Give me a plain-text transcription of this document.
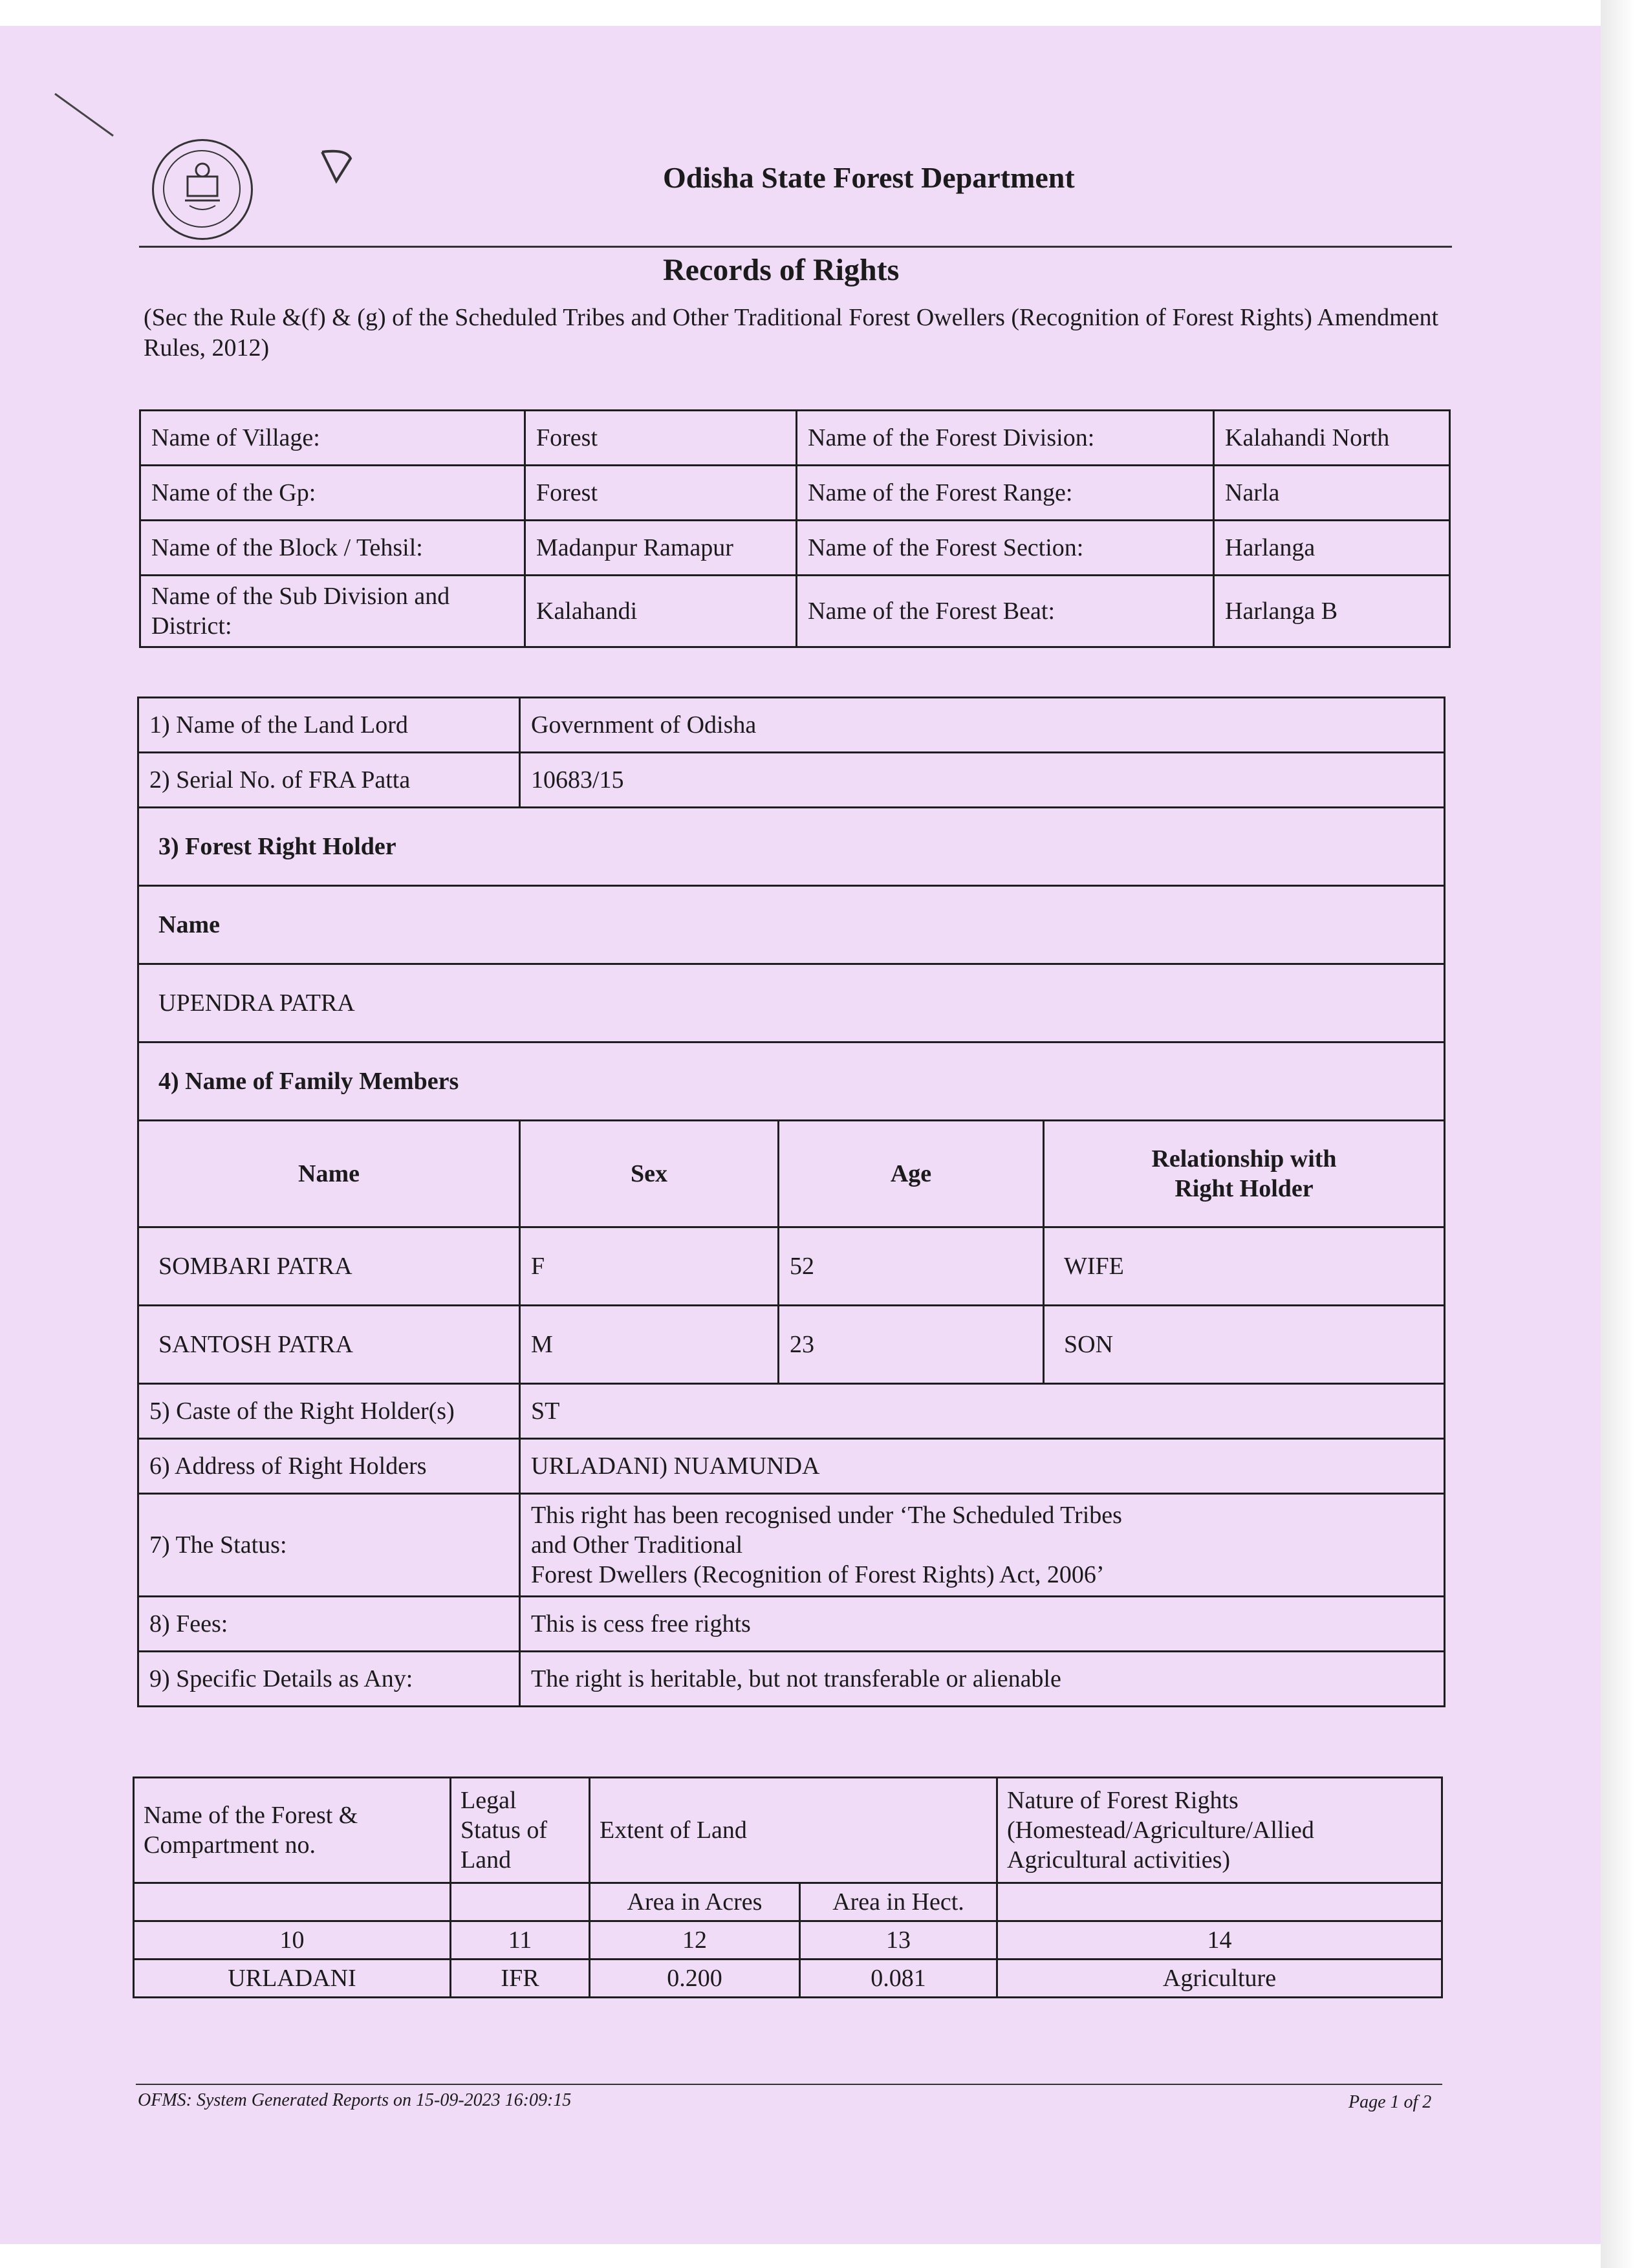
Odisha State Forest Department
Records of Rights
(Sec the Rule &(f) & (g) of the Scheduled Tribes and Other Traditional Forest Owellers (Recognition of Forest Rights) Amendment Rules, 2012)
Name of Village:	Forest	Name of the Forest Division:	Kalahandi North
Name of the Gp:	Forest	Name of the Forest Range:	Narla
Name of the Block / Tehsil:	Madanpur Ramapur	Name of the Forest Section:	Harlanga
Name of the Sub Division and District:	Kalahandi	Name of the Forest Beat:	Harlanga B
1) Name of the Land Lord	Government of Odisha		
2) Serial No. of FRA Patta	10683/15		
3) Forest Right Holder			
Name			
UPENDRA PATRA			
4) Name of Family Members			
Name	Sex	Age	Relationship with Right Holder
SOMBARI PATRA	F	52	WIFE
SANTOSH PATRA	M	23	SON
5) Caste of the Right Holder(s)	ST		
6) Address of Right Holders	URLADANI) NUAMUNDA		
7) The Status:	This right has been recognised under ‘The Scheduled Tribes and Other Traditional
Forest Dwellers (Recognition of Forest Rights) Act, 2006’		

8) Fees:	This is cess free rights		
9) Specific Details as Any:	The right is heritable, but not transferable or alienable		
Name of the Forest & Compartment no.	Legal Status of Land	Extent of Land		Nature of Forest Rights (Homestead/Agriculture/Allied Agricultural activities)
		Area in Acres	Area in Hect.	
10	11	12	13	14
URLADANI	IFR	0.200	0.081	Agriculture
OFMS: System Generated Reports on 15-09-2023 16:09:15	Page 1 of 2
